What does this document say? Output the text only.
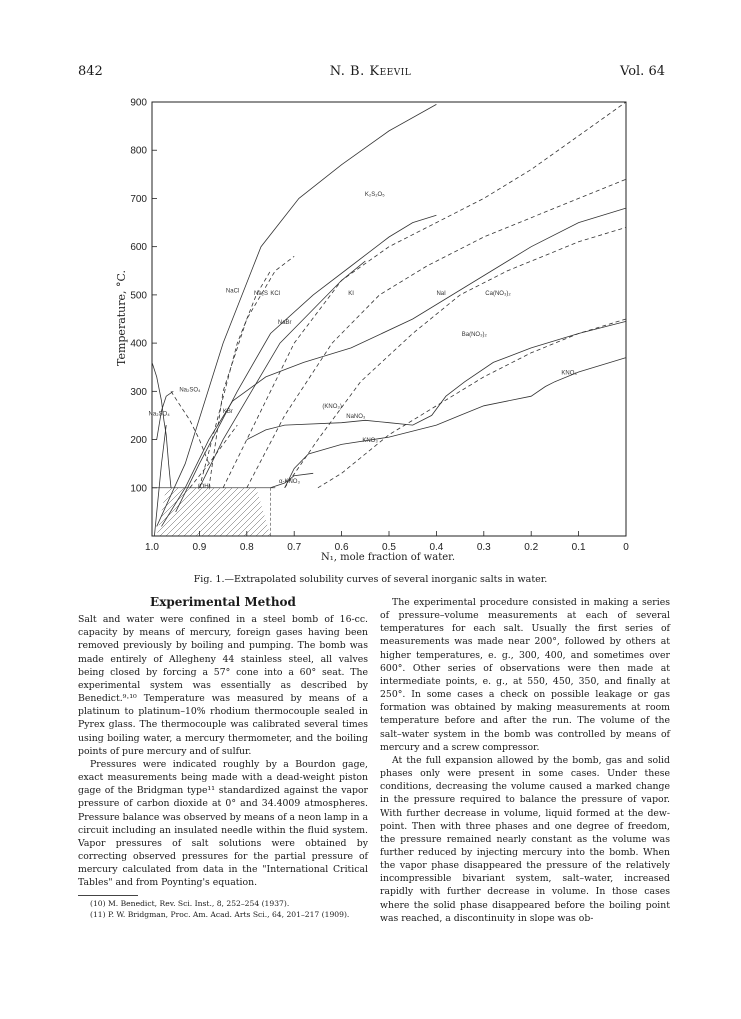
842	N. B. Keevil	Vol. 64
1.0	0.9	0.8	0.7	0.6	0.5	0.4	0.3	0.2	0.1	0
100
200
300
400
500
600
700
800
900
K₂S₂O₅
NaCl Na₂S KCl	KI	NaI	Ca(NO₃)₂
NaBr
Na₂SO₄
Na₂SO₄	KBr
(KNO₃)
NaNO₃
KNO₃
Ba(NO₃)₂
KNO₃
α-KNO₃
(OH)
Temperature, °C.
N₁, mole fraction of water.
Fig. 1.—Extrapolated solubility curves of several inorganic salts in water.
Experimental Method

Salt and water were confined in a steel bomb of 16-cc. capacity by means of mercury, foreign gases having been removed previously by boiling and pumping. The bomb was made entirely of Allegheny 44 stainless steel, all valves being closed by forcing a 57° cone into a 60° seat. The experimental system was essentially as described by Benedict.⁹·¹⁰ Temperature was measured by means of a platinum to platinum–10% rhodium thermocouple sealed in Pyrex glass. The thermocouple was calibrated several times using boiling water, a mercury thermometer, and the boiling points of pure mercury and of sulfur.

Pressures were indicated roughly by a Bourdon gage, exact measurements being made with a dead-weight piston gage of the Bridgman type¹¹ standardized against the vapor pressure of carbon dioxide at 0° and 34.4009 atmospheres. Pressure balance was observed by means of a neon lamp in a circuit including an insulated needle within the fluid system. Vapor pressures of salt solutions were obtained by correcting observed pressures for the partial pressure of mercury calculated from data in the "International Critical Tables" and from Poynting's equation.

(10) M. Benedict, Rev. Sci. Inst., 8, 252–254 (1937).

(11) P. W. Bridgman, Proc. Am. Acad. Arts Sci., 64, 201–217 (1909).

The experimental procedure consisted in making a series of pressure–volume measurements at each of several temperatures for each salt. Usually the first series of measurements was made near 200°, followed by others at higher temperatures, e. g., 300, 400, and sometimes over 600°. Other series of observations were then made at intermediate points, e. g., at 550, 450, 350, and finally at 250°. In some cases a check on possible leakage or gas formation was obtained by making measurements at room temperature before and after the run. The volume of the salt–water system in the bomb was controlled by means of mercury and a screw compressor.

At the full expansion allowed by the bomb, gas and solid phases only were present in some cases. Under these conditions, decreasing the volume caused a marked change in the pressure required to balance the pressure of vapor. With further decrease in volume, liquid formed at the dew-point. Then with three phases and one degree of freedom, the pressure remained nearly constant as the volume was further reduced by injecting mercury into the bomb. When the vapor phase disappeared the pressure of the relatively incompressible bivariant system, salt–water, increased rapidly with further decrease in volume. In those cases where the solid phase disappeared before the boiling point was reached, a discontinuity in slope was ob-
